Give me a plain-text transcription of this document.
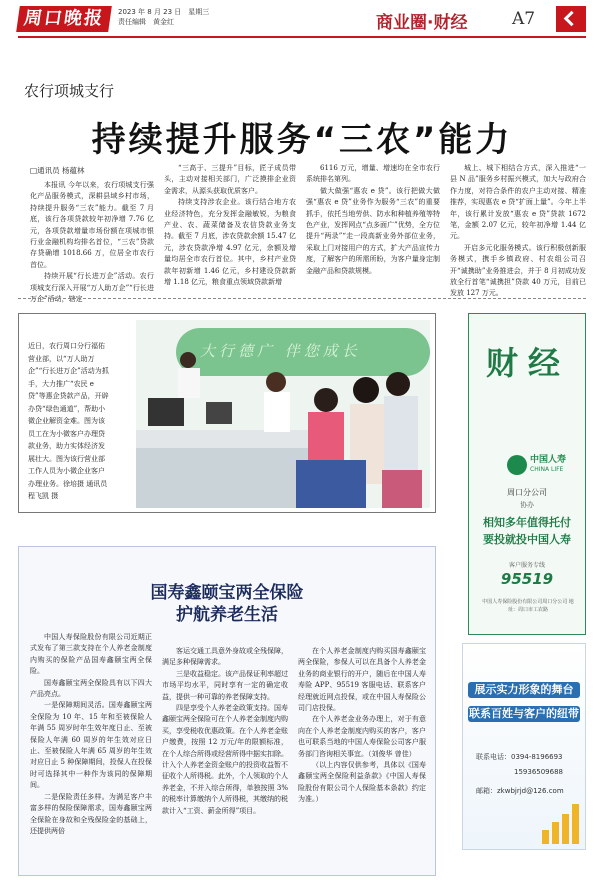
周口晚报	2023 年 8 月 23 日　星期三
责任编辑　黄金红	商业圈·财经	A7
农行项城支行
持续提升服务“三农”能力
□通讯员 杨蕴林

本报讯 今年以来，农行项城支行强化产品服务模式，深耕县域乡村市场，持续提升服务“三农”能力。截至 7 月底，该行各项贷款较年初净增 7.76 亿元，各项贷款增量市场份额在项城市银行业金融机构均排名首位，“三农”贷款存贷确增 1018.66 万，位居全市农行首位。

持续开展“行长进万企”活动。农行项城支行深入开展“万人助万企”“行长进万企”活动，辖定

“三高于、三提升”目标，匠子成员带头，主动对接相关部门，广泛摸排企业资金需求，从源头获取优质客户。

持续支持涉农企业。该行结合地方农业经济特色，充分发挥金融敏锐，为粮食产业、农、蔬菜储备及农信贷款业务支持。截至 7 月底，涉农贷款余额 15.47 亿元，涉农贷款净增 4.97 亿元，余额及增量均居全市农行首位。其中，乡村产业贷款年初新增 1.46 亿元，乡村建设贷款新增 1.18 亿元，粮食重点领域贷款新增

6116 万元，增量、增速均在全市农行系统排名第列。

做大做强“惠农 e 贷”。该行把做大做强“惠农 e 贷”业务作为服务“三农”的重要抓手，依托当地劳供、防水和种植养殖等特色产业，发挥网点“点多面广”优势，全方位提升“两录”“走一段高新业务外部位业务，采取上门对接用户的方式，扩大产品宣传力度，了解客户的所需所盼，为客户量身定制金融产品和贷款规模。

城上、城下相结合方式，深入推进“一县 N 品”服务乡村振兴模式，加大与政府合作力度，对符合条件的农户主动对接、精准推荐，实现惠农 e 贷“扩面上量”。今年上半年，该行累计发放“惠农 e 贷”贷款 1672 笔，金额 2.07 亿元，较年初净增 1.44 亿元。

开启多元化服务模式。该行积极创新服务模式，携手乡镇政府、村农组公司召开“诚携助”业务推进会，并于 8 月初成功发放全行首笔“诚携担”贷款 40 万元，目前已发放 127 万元。

近日，农行周口分行福佑营业部，以“万人助万企”“行长进万企”活动为抓手，大力推广“农民 e 贷”等惠企贷款产品，开辟办贷“绿色通道”，帮助小微企业解资金难。图为该员工在为小微客户办理贷款业务，助力实体经济发展壮大。图为该行营业部工作人员为小微企业客户办理业务。徐培摄 通讯员 程飞凯 摄
大行德广 伴您成长	财经
中国人寿
CHINA LIFE
周口分公司
协办
相知多年值得托付
要投就投中国人寿
客户服务专线
95519
中国人寿保险股份有限公司周口分公司 地址：周口市工农路
国寿鑫颐宝两全保险
护航养老生活

中国人寿保险股份有限公司近期正式发布了第三款支持在个人养老金制度内购买的保险产品国寿鑫颐宝两全保险。

国寿鑫颐宝两全保险具有以下四大产品亮点。

一是保障期间灵活。国寿鑫颐宝两全保险为 10 年、15 年和至被保险人年满 55 周岁时年生效年度日止、至被保险人年满 60 周岁的年生效对应日止、至被保险人年满 65 周岁的年生效对应日止 5 种保障期间，投保人在投保时可选择其中一种作为该同的保障期间。

二是保险责任多样。为满足客户丰富多样的保险保障需求，国寿鑫颐宝两全保险在身故和全残保险金的基础上，还提供两倍

客运交通工具意外身故或全残保障，满足多种保障需求。

三是收益稳定。该产品保证利率超过市场平均水平，同时享有一定的确定收益，提供一种可靠的养老保障支持。

四是享受个人养老金政策支持。国寿鑫颐宝两全保险可在个人养老金制度内购买，享受税收优惠政策。在个人养老金账户缴费，按照 12 万元/年的限额标准，在个人综合所得或经营所得中据实扣除。计入个人养老金资金账户的投资收益暂不征收个人所得税。此外，个人领取的个人养老金，不并入综合所得，单独按照 3%的税率计算缴纳个人所得税，其缴纳的税款计入“工资、薪金所得”项目。

在个人养老金制度内购买国寿鑫颐宝两全保险，参保人可以在具备个人养老金业务的商业银行的开户，随后在中国人寿寿险 APP、95519 客服电话、联系客户经理就近网点投保，或在中国人寿保险公司门店投保。

在个人养老金业务办理上，对于有意向在个人养老金制度内购买的客户，客户也可联系当地的中国人寿保险公司客户服务部门咨询相关事宜。（刘俊华 曾佳）

（以上内容仅供参考，具体以《国寿鑫颐宝两全保险利益条款》《中国人寿保险股份有限公司个人保险基本条款》约定为准。）

展示实力形象的舞台
联系百姓与客户的纽带
联系电话：0394-8196693
15936509688
邮箱：zkwbjrjd@126.com
